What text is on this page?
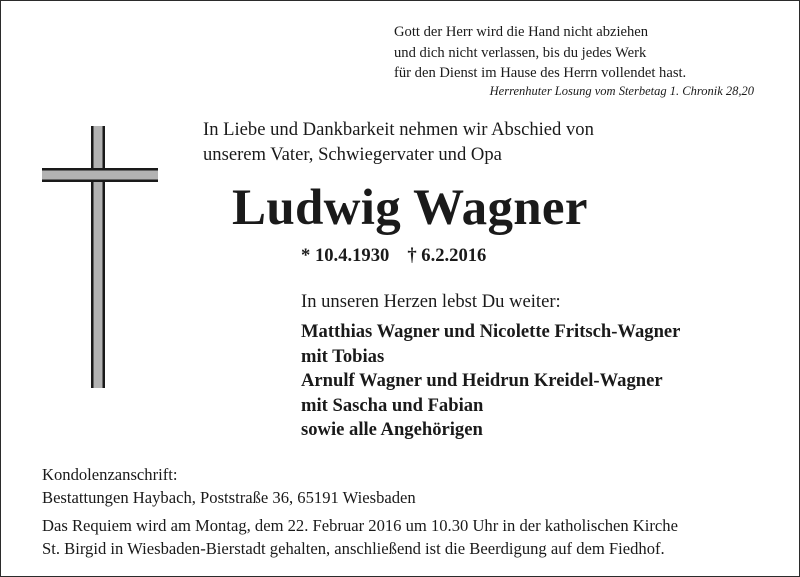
Gott der Herr wird die Hand nicht abziehen
und dich nicht verlassen, bis du jedes Werk
für den Dienst im Hause des Herrn vollendet hast.
Herrenhuter Losung vom Sterbetag 1. Chronik 28,20
In Liebe und Dankbarkeit nehmen wir Abschied von
unserem Vater, Schwiegervater und Opa
Ludwig Wagner
* 10.4.1930 † 6.2.2016
In unseren Herzen lebst Du weiter:
Matthias Wagner und Nicolette Fritsch-Wagner
mit Tobias
Arnulf Wagner und Heidrun Kreidel-Wagner
mit Sascha und Fabian
sowie alle Angehörigen
Kondolenzanschrift:
Bestattungen Haybach, Poststraße 36, 65191 Wiesbaden
Das Requiem wird am Montag, dem 22. Februar 2016 um 10.30 Uhr in der katholischen Kirche
St. Birgid in Wiesbaden-Bierstadt gehalten, anschließend ist die Beerdigung auf dem Fiedhof.
